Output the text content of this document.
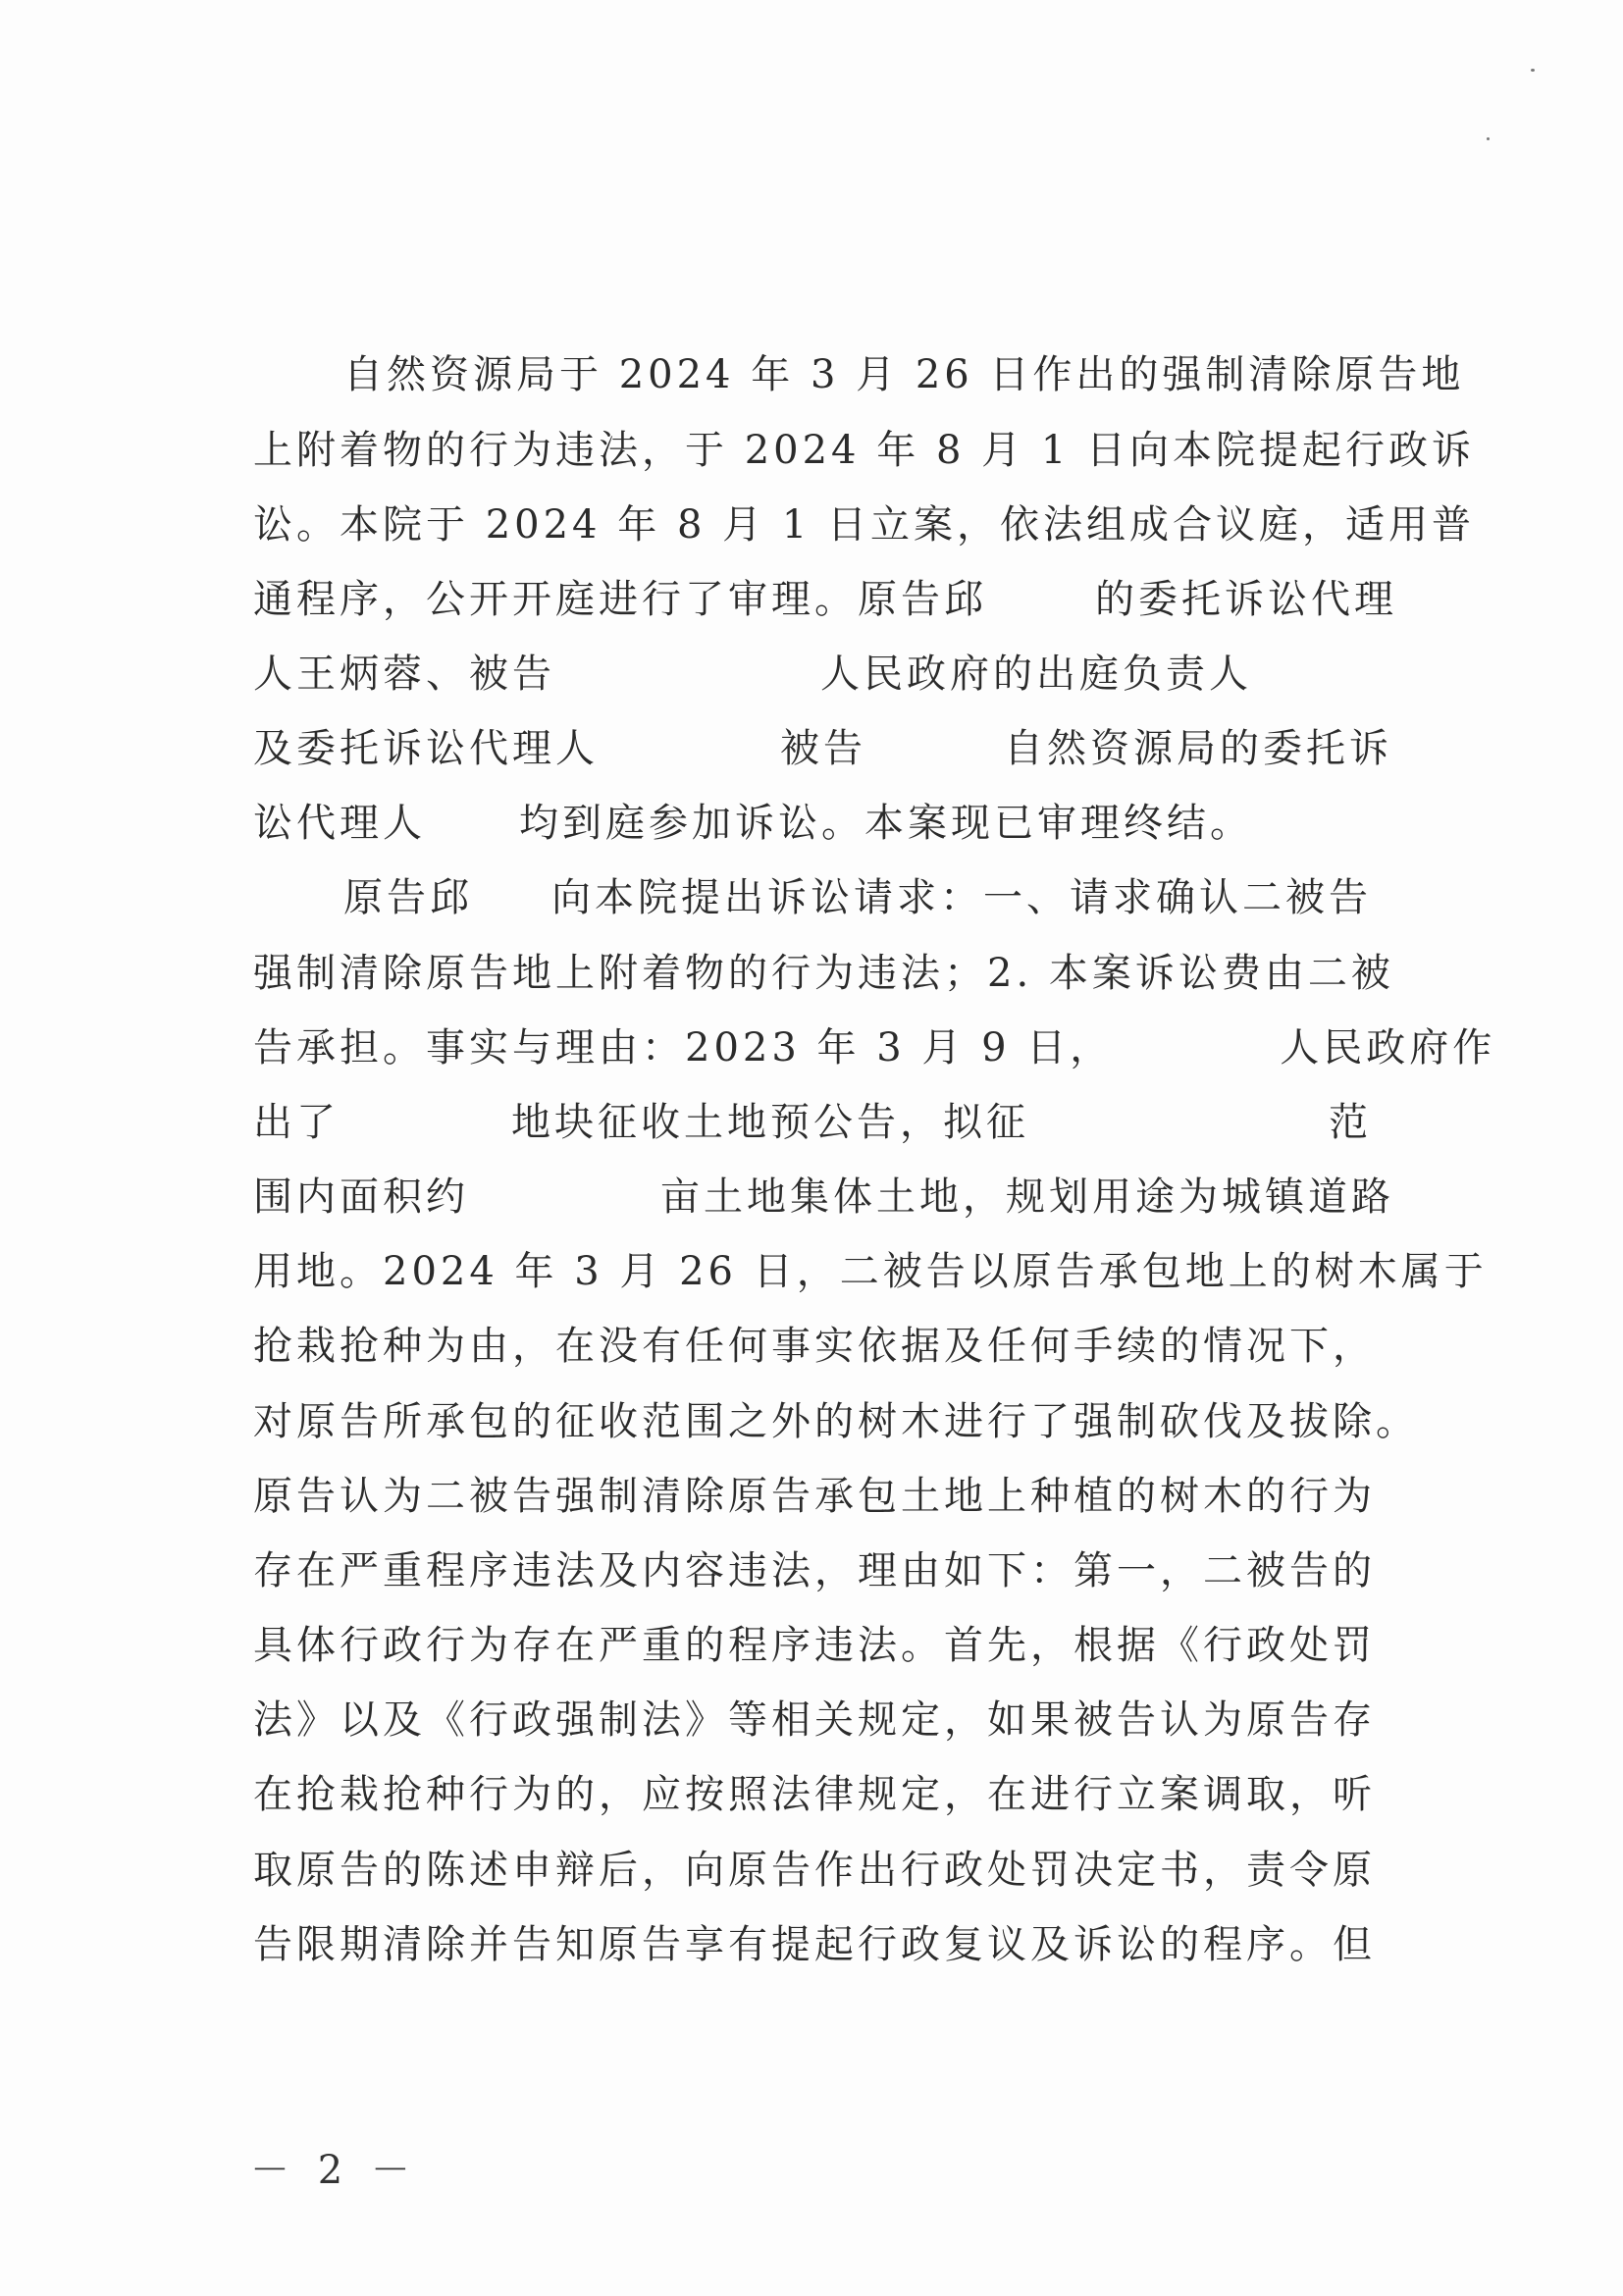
自然资源局于 2024 年 3 月 26 日作出的强制清除原告地
上附着物的行为违法，于 2024 年 8 月 1 日向本院提起行政诉
讼。本院于 2024 年 8 月 1 日立案，依法组成合议庭，适用普
通程序，公开开庭进行了审理。原告邱	的委托诉讼代理
人王炳蓉、被告	人民政府的出庭负责人
及委托诉讼代理人	被告	自然资源局的委托诉
讼代理人 均到庭参加诉讼。本案现已审理终结。
原告邱 向本院提出诉讼请求：一、请求确认二被告
强制清除原告地上附着物的行为违法；2. 本案诉讼费由二被
告承担。事实与理由：2023 年 3 月 9 日，	人民政府作
出了	地块征收土地预公告，拟征	范
围内面积约	亩土地集体土地，规划用途为城镇道路
用地。2024 年 3 月 26 日，二被告以原告承包地上的树木属于
抢栽抢种为由，在没有任何事实依据及任何手续的情况下，
对原告所承包的征收范围之外的树木进行了强制砍伐及拔除。
原告认为二被告强制清除原告承包土地上种植的树木的行为
存在严重程序违法及内容违法，理由如下：第一，二被告的
具体行政行为存在严重的程序违法。首先，根据《行政处罚
法》以及《行政强制法》等相关规定，如果被告认为原告存
在抢栽抢种行为的，应按照法律规定，在进行立案调取，听
取原告的陈述申辩后，向原告作出行政处罚决定书，责令原
告限期清除并告知原告享有提起行政复议及诉讼的程序。但
－ 2 －
